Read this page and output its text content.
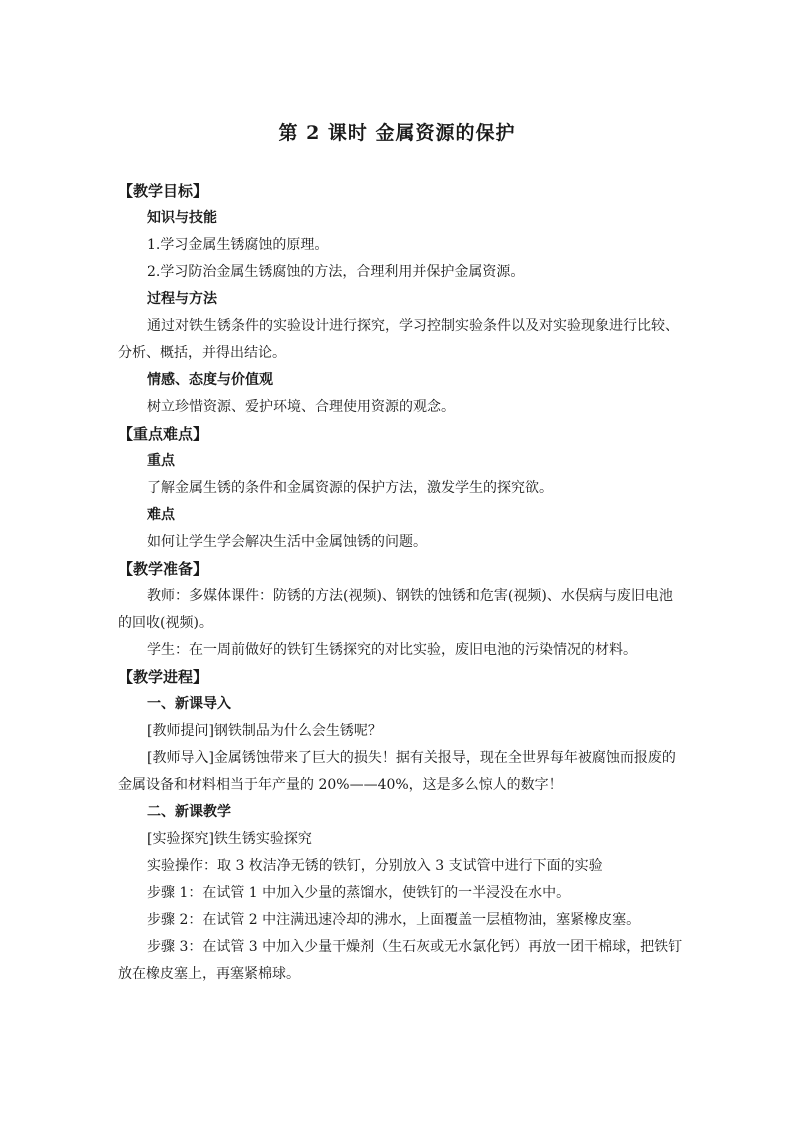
第 2 课时 金属资源的保护
【教学目标】
知识与技能
1.学习金属生锈腐蚀的原理。
2.学习防治金属生锈腐蚀的方法，合理利用并保护金属资源。
过程与方法
通过对铁生锈条件的实验设计进行探究，学习控制实验条件以及对实验现象进行比较、
分析、概括，并得出结论。
情感、态度与价值观
树立珍惜资源、爱护环境、合理使用资源的观念。
【重点难点】
重点
了解金属生锈的条件和金属资源的保护方法，激发学生的探究欲。
难点
如何让学生学会解决生活中金属蚀锈的问题。
【教学准备】
教师：多媒体课件：防锈的方法(视频)、钢铁的蚀锈和危害(视频)、水俣病与废旧电池
的回收(视频)。
学生：在一周前做好的铁钉生锈探究的对比实验，废旧电池的污染情况的材料。
【教学进程】
一、新课导入
[教师提问]钢铁制品为什么会生锈呢？
[教师导入]金属锈蚀带来了巨大的损失！据有关报导，现在全世界每年被腐蚀而报废的
金属设备和材料相当于年产量的 20%——40%，这是多么惊人的数字！
二、新课教学
[实验探究]铁生锈实验探究
实验操作：取 3 枚洁净无锈的铁钉，分别放入 3 支试管中进行下面的实验
步骤 1：在试管 1 中加入少量的蒸馏水，使铁钉的一半浸没在水中。
步骤 2：在试管 2 中注满迅速冷却的沸水，上面覆盖一层植物油，塞紧橡皮塞。
步骤 3：在试管 3 中加入少量干燥剂（生石灰或无水氯化钙）再放一团干棉球，把铁钉
放在橡皮塞上，再塞紧棉球。
